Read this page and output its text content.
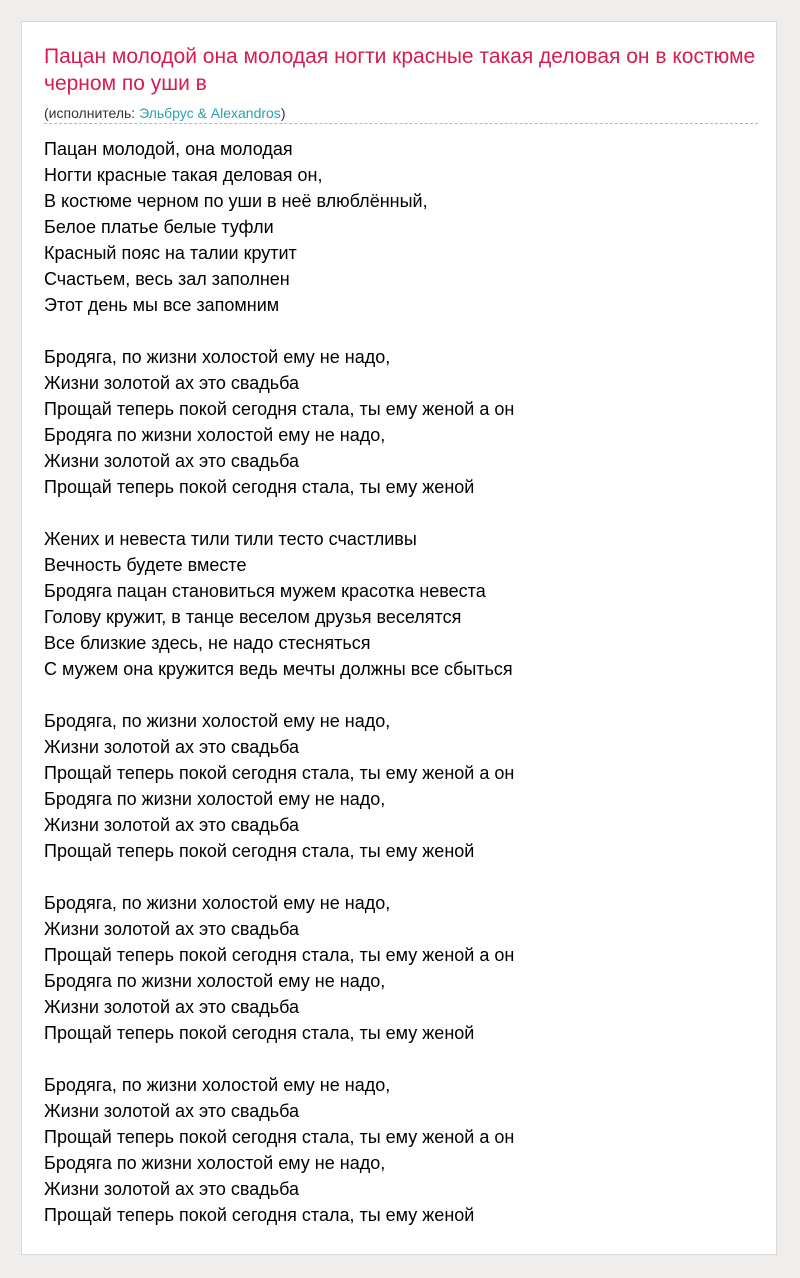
Пацан молодой она молодая ногти красные такая деловая он в костюме черном по уши в
(исполнитель: Эльбрус & Alexandros)
Пацан молодой, она молодая
Ногти красные такая деловая он,
В костюме черном по уши в неё влюблённый,
Белое платье белые туфли
Красный пояс на талии крутит
Счастьем, весь зал заполнен
Этот день мы все запомним
Бродяга, по жизни холостой ему не надо,
Жизни золотой ах это свадьба
Прощай теперь покой сегодня стала, ты ему женой а он
Бродяга по жизни холостой ему не надо,
Жизни золотой ах это свадьба
Прощай теперь покой сегодня стала, ты ему женой
Жених и невеста тили тили тесто счастливы
Вечность будете вместе
Бродяга пацан становиться мужем красотка невеста
Голову кружит, в танце веселом друзья веселятся
Все близкие здесь, не надо стесняться
С мужем она кружится ведь мечты должны все сбыться
Бродяга, по жизни холостой ему не надо,
Жизни золотой ах это свадьба
Прощай теперь покой сегодня стала, ты ему женой а он
Бродяга по жизни холостой ему не надо,
Жизни золотой ах это свадьба
Прощай теперь покой сегодня стала, ты ему женой
Бродяга, по жизни холостой ему не надо,
Жизни золотой ах это свадьба
Прощай теперь покой сегодня стала, ты ему женой а он
Бродяга по жизни холостой ему не надо,
Жизни золотой ах это свадьба
Прощай теперь покой сегодня стала, ты ему женой
Бродяга, по жизни холостой ему не надо,
Жизни золотой ах это свадьба
Прощай теперь покой сегодня стала, ты ему женой а он
Бродяга по жизни холостой ему не надо,
Жизни золотой ах это свадьба
Прощай теперь покой сегодня стала, ты ему женой
